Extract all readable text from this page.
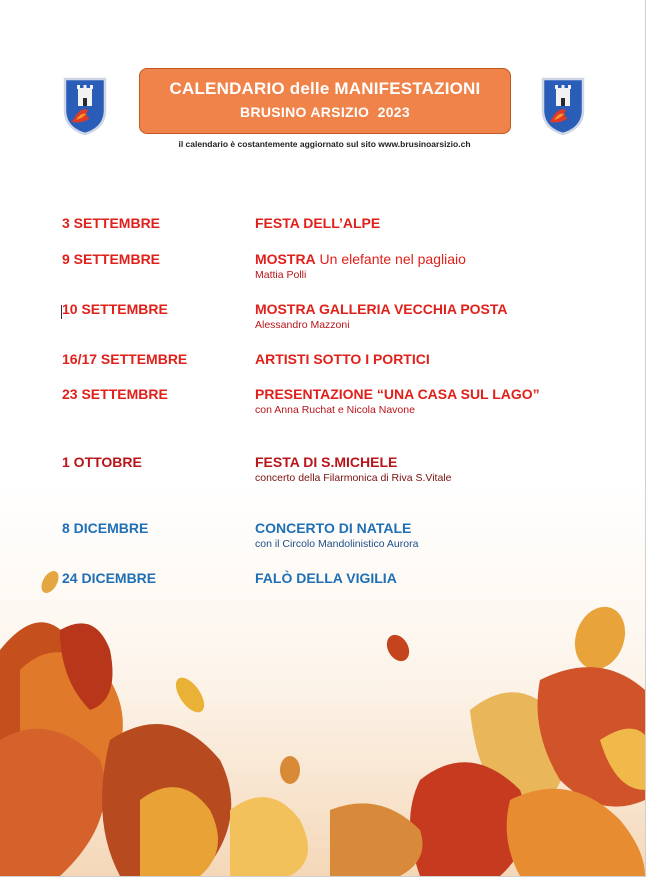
CALENDARIO delle MANIFESTAZIONI
BRUSINO ARSIZIO  2023
il calendario è costantemente aggiornato sul sito www.brusinoarsizio.ch
3 SETTEMBRE	FESTA DELL’ALPE
9 SETTEMBRE	MOSTRA Un elefante nel pagliaio
Mattia Polli
10 SETTEMBRE	MOSTRA GALLERIA VECCHIA POSTA
Alessandro Mazzoni
16/17 SETTEMBRE	ARTISTI SOTTO I PORTICI
23 SETTEMBRE	PRESENTAZIONE “UNA CASA SUL LAGO”
con Anna Ruchat e Nicola Navone
1 OTTOBRE	FESTA DI S.MICHELE
concerto della Filarmonica di Riva S.Vitale
8 DICEMBRE	CONCERTO DI NATALE
con il Circolo Mandolinistico Aurora
24 DICEMBRE	FALÒ DELLA VIGILIA
